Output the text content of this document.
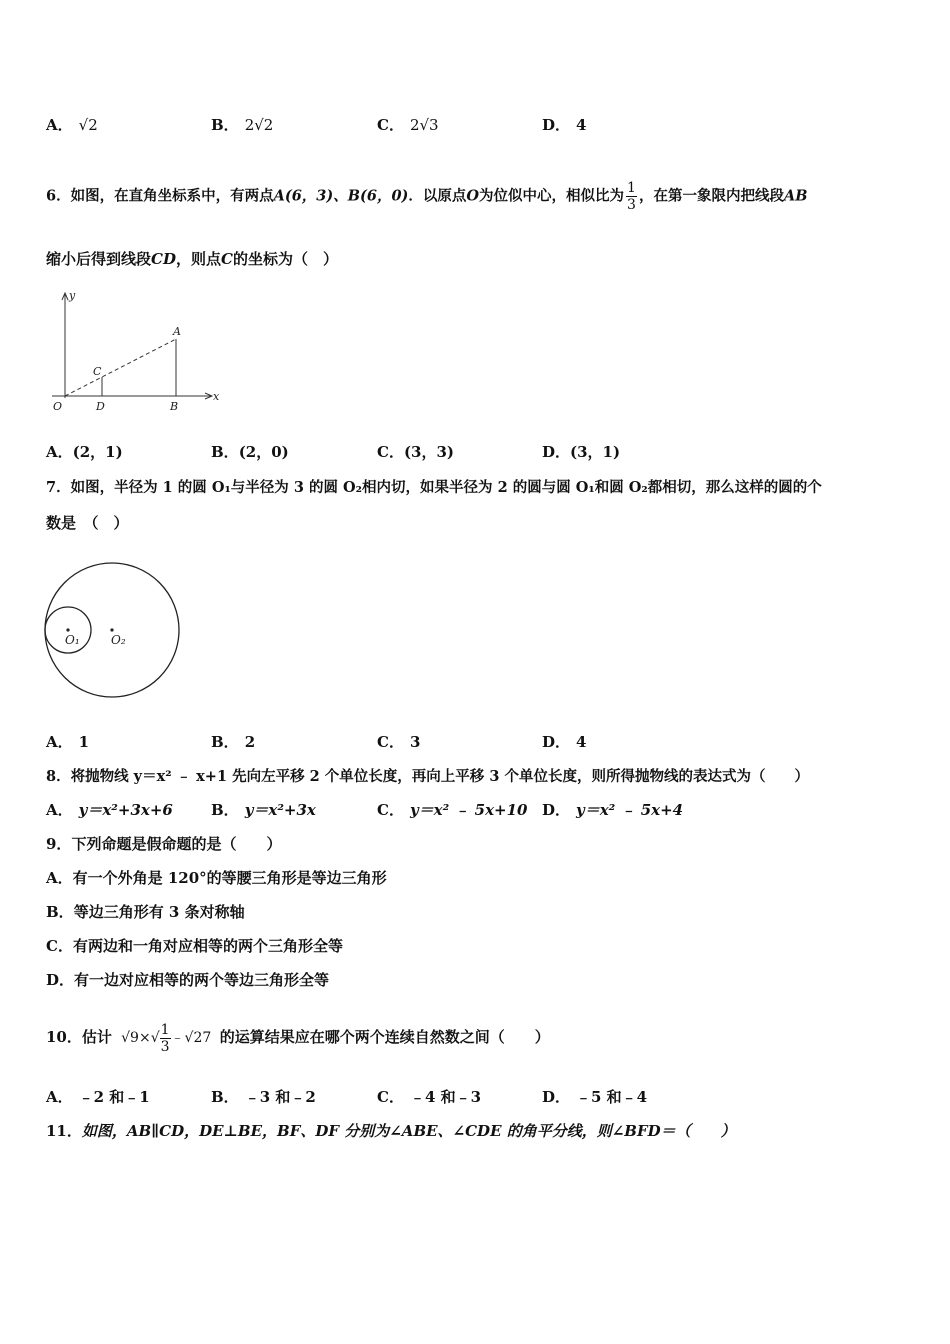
A． √2	B． 2√2	C． 2√3	D． 4
6．如图，在直角坐标系中，有两点A(6，3)、B(6，0)．以原点O为位似中心，相似比为 $\frac{1}{3}$ ，在第一象限内把线段AB
缩小后得到线段CD，则点C的坐标为（　）
y
x
A
C
O	D	B
A．(2，1)	B．(2，0)	C．(3，3)	D．(3，1)
7．如图，半径为 1 的圆 O₁与半径为 3 的圆 O₂相内切，如果半径为 2 的圆与圆 O₁和圆 O₂都相切，那么这样的圆的个
数是　（　）
O₁	O₂
A． 1	B． 2	C． 3	D． 4
8．将抛物线 y＝x² ﹣ x+1 先向左平移 2 个单位长度，再向上平移 3 个单位长度，则所得抛物线的表达式为（　　）
A． y＝x²+3x+6	B． y＝x²+3x	C． y＝x² ﹣ 5x+10 D． y＝x² ﹣ 5x+4
9．下列命题是假命题的是（　　）
A．有一个外角是 120°的等腰三角形是等边三角形
B．等边三角形有 3 条对称轴
C．有两边和一角对应相等的两个三角形全等
D．有一边对应相等的两个等边三角形全等
10．估计 $√9\times√ \frac{1}{3}$ ﹣√27 的运算结果应在哪个两个连续自然数之间（　　）
A． ﹣2 和﹣1	B． ﹣3 和﹣2	C． ﹣4 和﹣3	D． ﹣5 和﹣4
11．如图，AB∥CD，DE⊥BE，BF、DF 分别为∠ABE、∠CDE 的角平分线，则∠BFD＝（　　）
